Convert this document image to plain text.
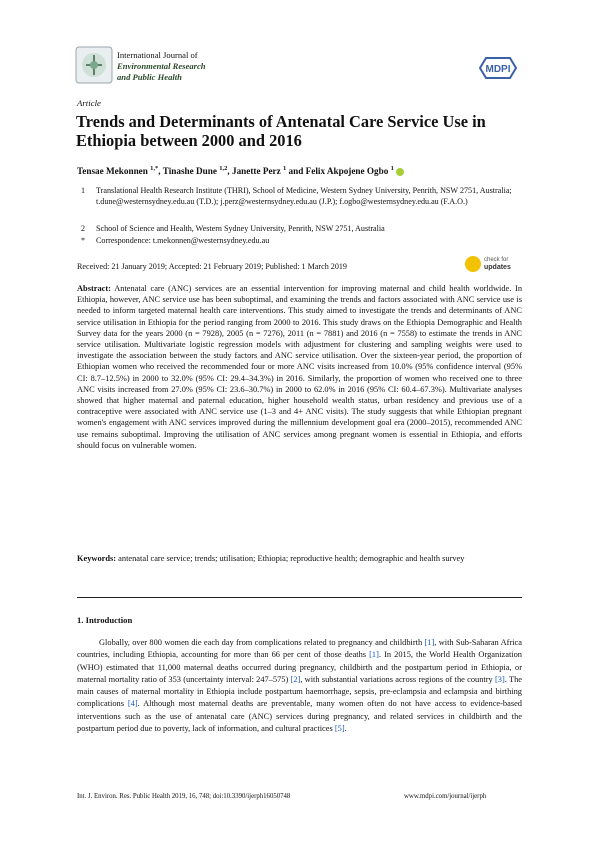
International Journal of
Environmental Research
and Public Health
MDPI
Article
Trends and Determinants of Antenatal Care Service Use in Ethiopia between 2000 and 2016
Tensae Mekonnen $^{1,*}$, Tinashe Dune $^{1,2}$, Janette Perz $^1$ and Felix Akpojene Ogbo $^1$
1 Translational Health Research Institute (THRI), School of Medicine, Western Sydney University, Penrith, NSW 2751, Australia; t.dune@westernsydney.edu.au (T.D.); j.perz@westernsydney.edu.au (J.P.); f.ogbo@westernsydney.edu.au (F.A.O.)
2 School of Science and Health, Western Sydney University, Penrith, NSW 2751, Australia
* Correspondence: t.mekonnen@westernsydney.edu.au
Received: 21 January 2019; Accepted: 21 February 2019; Published: 1 March 2019
check for
updates
Abstract: Antenatal care (ANC) services are an essential intervention for improving maternal and child health worldwide. In Ethiopia, however, ANC service use has been suboptimal, and examining the trends and factors associated with ANC service use is needed to inform targeted maternal health care interventions. This study aimed to investigate the trends and determinants of ANC service utilisation in Ethiopia for the period ranging from 2000 to 2016. This study draws on the Ethiopia Demographic and Health Survey data for the years 2000 (n = 7928), 2005 (n = 7276), 2011 (n = 7881) and 2016 (n = 7558) to estimate the trends in ANC service utilisation. Multivariate logistic regression models with adjustment for clustering and sampling weights were used to investigate the association between the study factors and ANC service utilisation. Over the sixteen-year period, the proportion of Ethiopian women who received the recommended four or more ANC visits increased from 10.0% (95% confidence interval (95% CI: 8.7–12.5%) in 2000 to 32.0% (95% CI: 29.4–34.3%) in 2016. Similarly, the proportion of women who received one to three ANC visits increased from 27.0% (95% CI: 23.6–30.7%) in 2000 to 62.0% in 2016 (95% CI: 60.4–67.3%). Multivariate analyses showed that higher maternal and paternal education, higher household wealth status, urban residency and previous use of a contraceptive were associated with ANC service use (1–3 and 4+ ANC visits). The study suggests that while Ethiopian pregnant women's engagement with ANC services improved during the millennium development goal era (2000–2015), recommended ANC use remains suboptimal. Improving the utilisation of ANC services among pregnant women is essential in Ethiopia, and efforts should focus on vulnerable women.
Keywords: antenatal care service; trends; utilisation; Ethiopia; reproductive health; demographic and health survey
1. Introduction
Globally, over 800 women die each day from complications related to pregnancy and childbirth [1], with Sub-Saharan Africa countries, including Ethiopia, accounting for more than 66 per cent of those deaths [1]. In 2015, the World Health Organization (WHO) estimated that 11,000 maternal deaths occurred during pregnancy, childbirth and the postpartum period in Ethiopia, or maternal mortality ratio of 353 (uncertainty interval: 247–575) [2], with substantial variations across regions of the country [3]. The main causes of maternal mortality in Ethiopia include postpartum haemorrhage, sepsis, pre-eclampsia and eclampsia and birthing complications [4]. Although most maternal deaths are preventable, many women often do not have access to evidence-based interventions such as the use of antenatal care (ANC) services during pregnancy, and related services in childbirth and the postpartum period due to poverty, lack of information, and cultural practices [5].
Int. J. Environ. Res. Public Health 2019, 16, 748; doi:10.3390/ijerph16050748	www.mdpi.com/journal/ijerph
